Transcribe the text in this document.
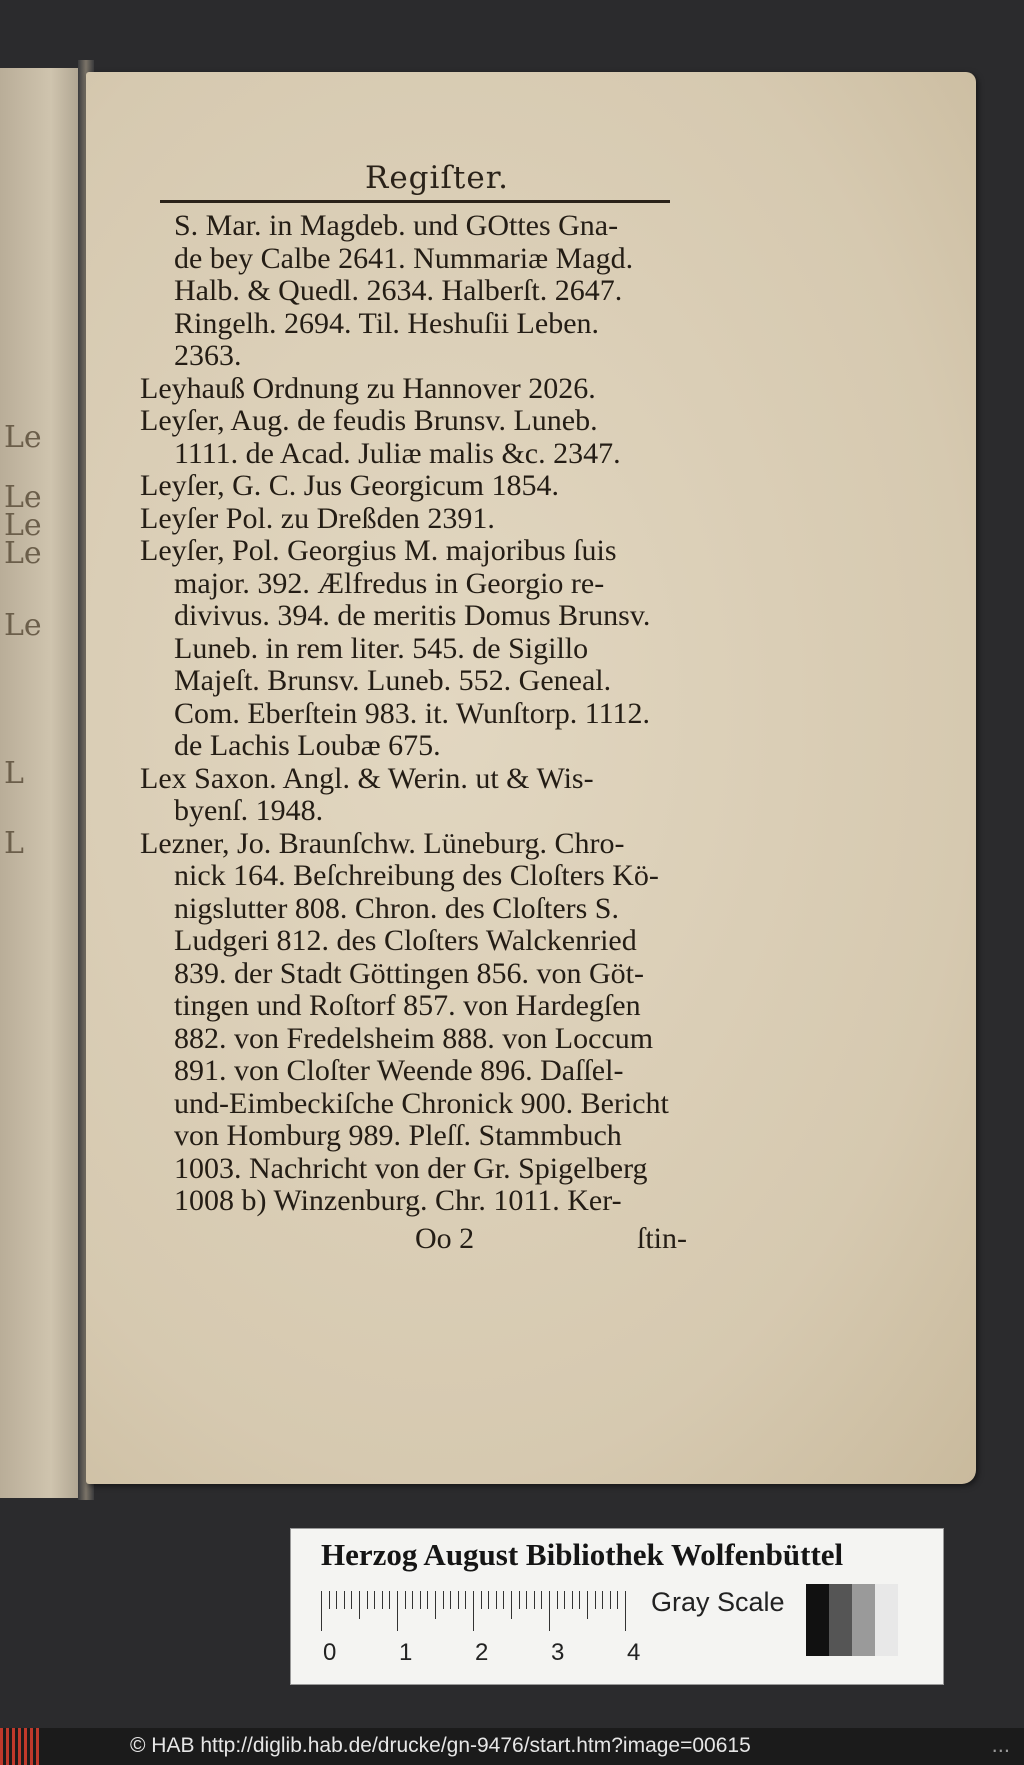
Le
Le
Le
Le
Le
L
L
Regiſter.
S. Mar. in Magdeb. und GOttes Gna-
de bey Calbe 2641. Nummariæ Magd.
Halb. & Quedl. 2634. Halberſt. 2647.
Ringelh. 2694. Til. Heshuſii Leben.
2363.
Leyhauß Ordnung zu Hannover 2026.
Leyſer, Aug. de feudis Brunsv. Luneb.
1111. de Acad. Juliæ malis &c. 2347.
Leyſer, G. C. Jus Georgicum 1854.
Leyſer Pol. zu Dreßden 2391.
Leyſer, Pol. Georgius M. majoribus ſuis
major. 392. Ælfredus in Georgio re-
divivus. 394. de meritis Domus Brunsv.
Luneb. in rem liter. 545. de Sigillo
Majeſt. Brunsv. Luneb. 552. Geneal.
Com. Eberſtein 983. it. Wunſtorp. 1112.
de Lachis Loubæ 675.
Lex Saxon. Angl. & Werin. ut & Wis-
byenſ. 1948.
Lezner, Jo. Braunſchw. Lüneburg. Chro-
nick 164. Beſchreibung des Cloſters Kö-
nigslutter 808. Chron. des Cloſters S.
Ludgeri 812. des Cloſters Walckenried
839. der Stadt Göttingen 856. von Göt-
tingen und Roſtorf 857. von Hardegſen
882. von Fredelsheim 888. von Loccum
891. von Cloſter Weende 896. Daſſel-
und-Eimbeckiſche Chronick 900. Bericht
von Homburg 989. Pleſſ. Stammbuch
1003. Nachricht von der Gr. Spigelberg
1008 b) Winzenburg. Chr. 1011. Ker-
Oo 2	ſtin-
Herzog August Bibliothek Wolfenbüttel
0	1	2	3	4
Gray Scale
© HAB http://diglib.hab.de/drucke/gn-9476/start.htm?image=00615	...
